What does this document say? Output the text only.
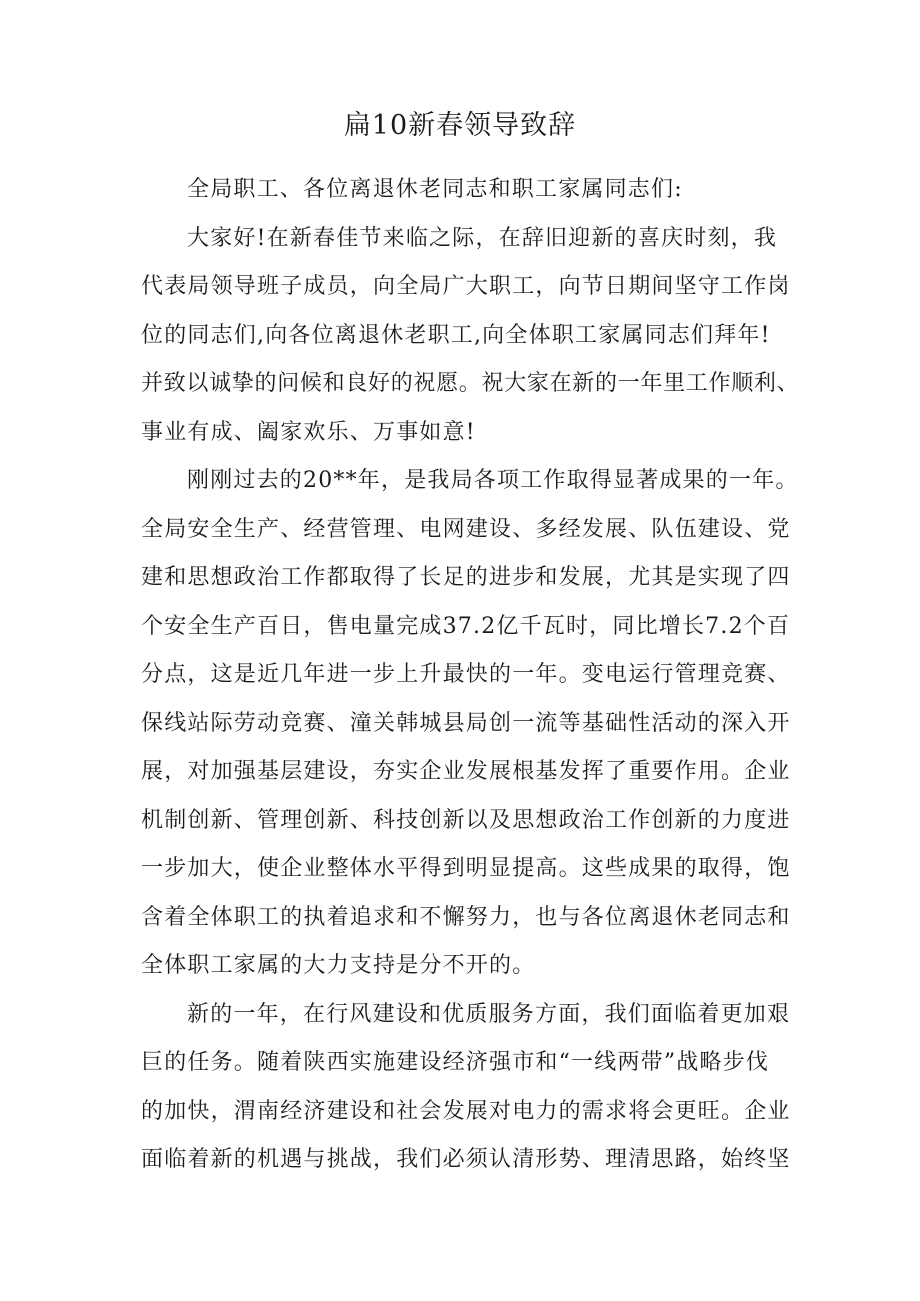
扁10新春领导致辞
全局职工、各位离退休老同志和职工家属同志们:
大家好!在新春佳节来临之际，在辞旧迎新的喜庆时刻，我
代表局领导班子成员，向全局广大职工，向节日期间坚守工作岗
位的同志们,向各位离退休老职工,向全体职工家属同志们拜年!
并致以诚挚的问候和良好的祝愿。祝大家在新的一年里工作顺利、
事业有成、阖家欢乐、万事如意!
刚刚过去的20**年，是我局各项工作取得显著成果的一年。
全局安全生产、经营管理、电网建设、多经发展、队伍建设、党
建和思想政治工作都取得了长足的进步和发展，尤其是实现了四
个安全生产百日，售电量完成37.2亿千瓦时，同比增长7.2个百
分点，这是近几年进一步上升最快的一年。变电运行管理竞赛、
保线站际劳动竞赛、潼关韩城县局创一流等基础性活动的深入开
展，对加强基层建设，夯实企业发展根基发挥了重要作用。企业
机制创新、管理创新、科技创新以及思想政治工作创新的力度进
一步加大，使企业整体水平得到明显提高。这些成果的取得，饱
含着全体职工的执着追求和不懈努力，也与各位离退休老同志和
全体职工家属的大力支持是分不开的。
新的一年，在行风建设和优质服务方面，我们面临着更加艰
巨的任务。随着陕西实施建设经济强市和“一线两带”战略步伐
的加快，渭南经济建设和社会发展对电力的需求将会更旺。企业
面临着新的机遇与挑战，我们必须认清形势、理清思路，始终坚
